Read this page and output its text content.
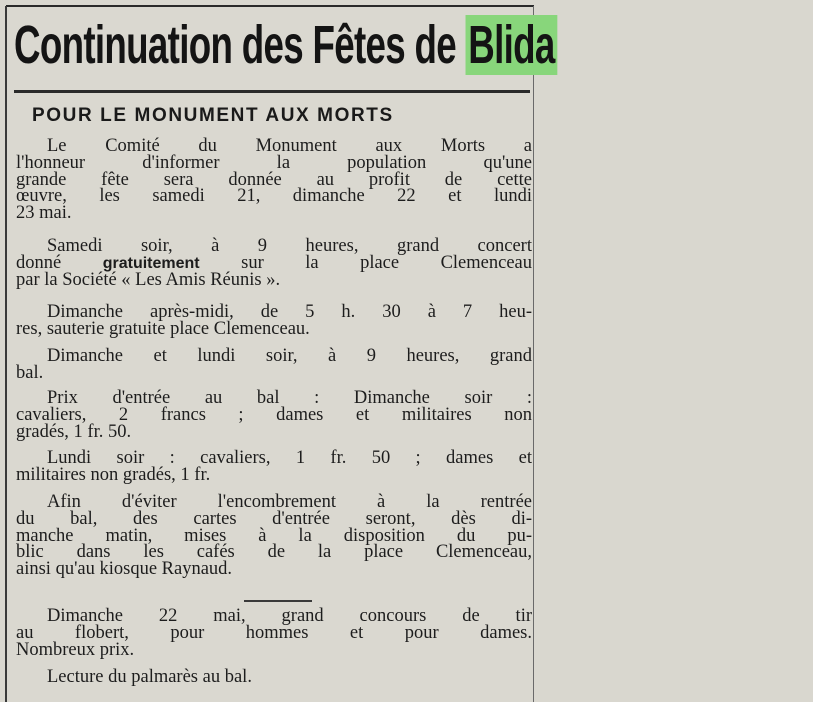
Continuation des Fêtes de Blida
POUR LE MONUMENT AUX MORTS
Le Comité du Monument aux Morts a
l'honneur d'informer la population qu'une
grande fête sera donnée au profit de cette
œuvre, les samedi 21, dimanche 22 et lundi
23 mai.
Samedi soir, à 9 heures, grand concert
donné	gratuitement sur la place Clemenceau
par la Société « Les Amis Réunis ».
Dimanche après-midi, de 5 h. 30 à 7 heu-
res, sauterie gratuite place Clemenceau.
Dimanche et lundi soir, à 9 heures, grand
bal.
Prix d'entrée au bal : Dimanche soir :
cavaliers, 2 francs ; dames et militaires non
gradés, 1 fr. 50.
Lundi soir : cavaliers, 1 fr. 50 ; dames et
militaires non gradés, 1 fr.
Afin d'éviter l'encombrement à la rentrée
du bal, des cartes d'entrée seront, dès di-
manche matin, mises à la disposition du pu-
blic dans les cafés de la place Clemenceau,
ainsi qu'au kiosque Raynaud.
Dimanche 22 mai, grand concours de tir
au flobert, pour hommes et pour dames.
Nombreux prix.
Lecture du palmarès au bal.
